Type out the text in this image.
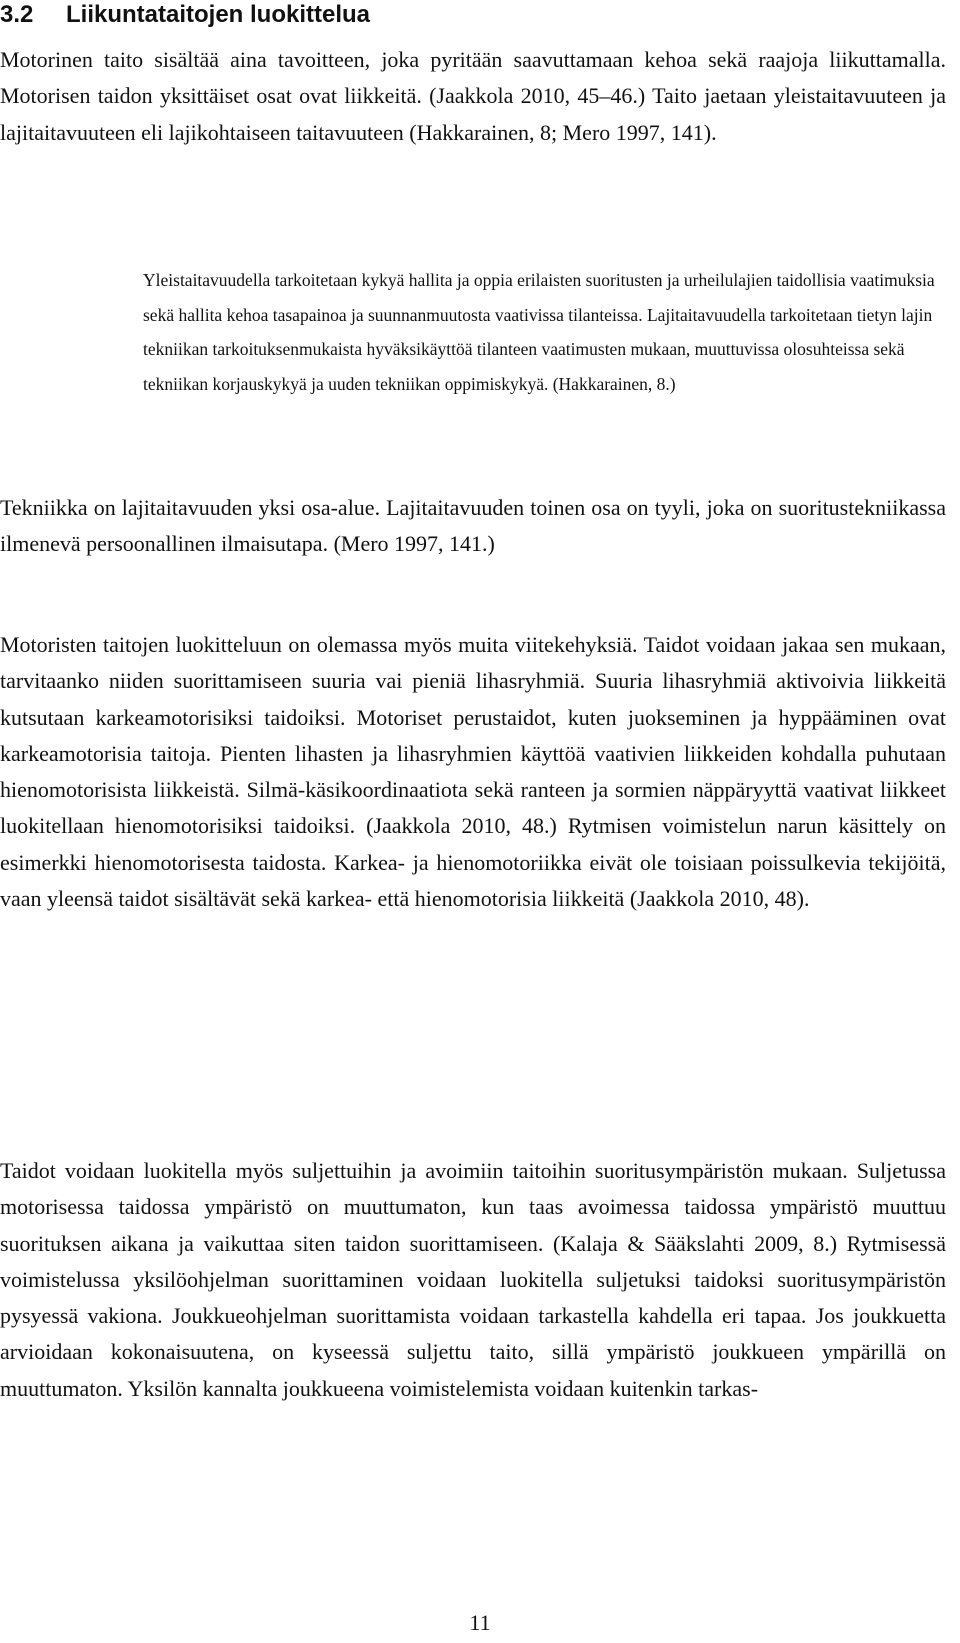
3.2 Liikuntataitojen luokittelua

Motorinen taito sisältää aina tavoitteen, joka pyritään saavuttamaan kehoa sekä raajoja liikuttamalla. Motorisen taidon yksittäiset osat ovat liikkeitä. (Jaakkola 2010, 45–46.) Taito jaetaan yleistaitavuuteen ja lajitaitavuuteen eli lajikohtaiseen taitavuuteen (Hakkarainen, 8; Mero 1997, 141).

Yleistaitavuudella tarkoitetaan kykyä hallita ja oppia erilaisten suoritusten ja urheilulajien taidollisia vaatimuksia sekä hallita kehoa tasapainoa ja suunnanmuutosta vaativissa tilanteissa. Lajitaitavuudella tarkoitetaan tietyn lajin tekniikan tarkoituksenmukaista hyväksikäyttöä tilanteen vaatimusten mukaan, muuttuvissa olosuhteissa sekä tekniikan korjauskykyä ja uuden tekniikan oppimiskykyä. (Hakkarainen, 8.)

Tekniikka on lajitaitavuuden yksi osa-alue. Lajitaitavuuden toinen osa on tyyli, joka on suoritustekniikassa ilmenevä persoonallinen ilmaisutapa. (Mero 1997, 141.)

Motoristen taitojen luokitteluun on olemassa myös muita viitekehyksiä. Taidot voidaan jakaa sen mukaan, tarvitaanko niiden suorittamiseen suuria vai pieniä lihasryhmiä. Suuria lihasryhmiä aktivoivia liikkeitä kutsutaan karkeamotorisiksi taidoiksi. Motoriset perustaidot, kuten juokseminen ja hyppääminen ovat karkeamotorisia taitoja. Pienten lihasten ja lihasryhmien käyttöä vaativien liikkeiden kohdalla puhutaan hienomotorisista liikkeistä. Silmä-käsikoordinaatiota sekä ranteen ja sormien näppäryyttä vaativat liikkeet luokitellaan hienomotorisiksi taidoiksi. (Jaakkola 2010, 48.) Rytmisen voimistelun narun käsittely on esimerkki hienomotorisesta taidosta. Karkea- ja hienomotoriikka eivät ole toisiaan poissulkevia tekijöitä, vaan yleensä taidot sisältävät sekä karkea- että hienomotorisia liikkeitä (Jaakkola 2010, 48).

Taidot voidaan luokitella myös suljettuihin ja avoimiin taitoihin suoritusympäristön mukaan. Suljetussa motorisessa taidossa ympäristö on muuttumaton, kun taas avoimessa taidossa ympäristö muuttuu suorituksen aikana ja vaikuttaa siten taidon suorittamiseen. (Kalaja & Sääkslahti 2009, 8.) Rytmisessä voimistelussa yksilöohjelman suorittaminen voidaan luokitella suljetuksi taidoksi suoritusympäristön pysyessä vakiona. Joukkueohjelman suorittamista voidaan tarkastella kahdella eri tapaa. Jos joukkuetta arvioidaan kokonaisuutena, on kyseessä suljettu taito, sillä ympäristö joukkueen ympärillä on muuttumaton. Yksilön kannalta joukkueena voimistelemista voidaan kuitenkin tarkas-

11
